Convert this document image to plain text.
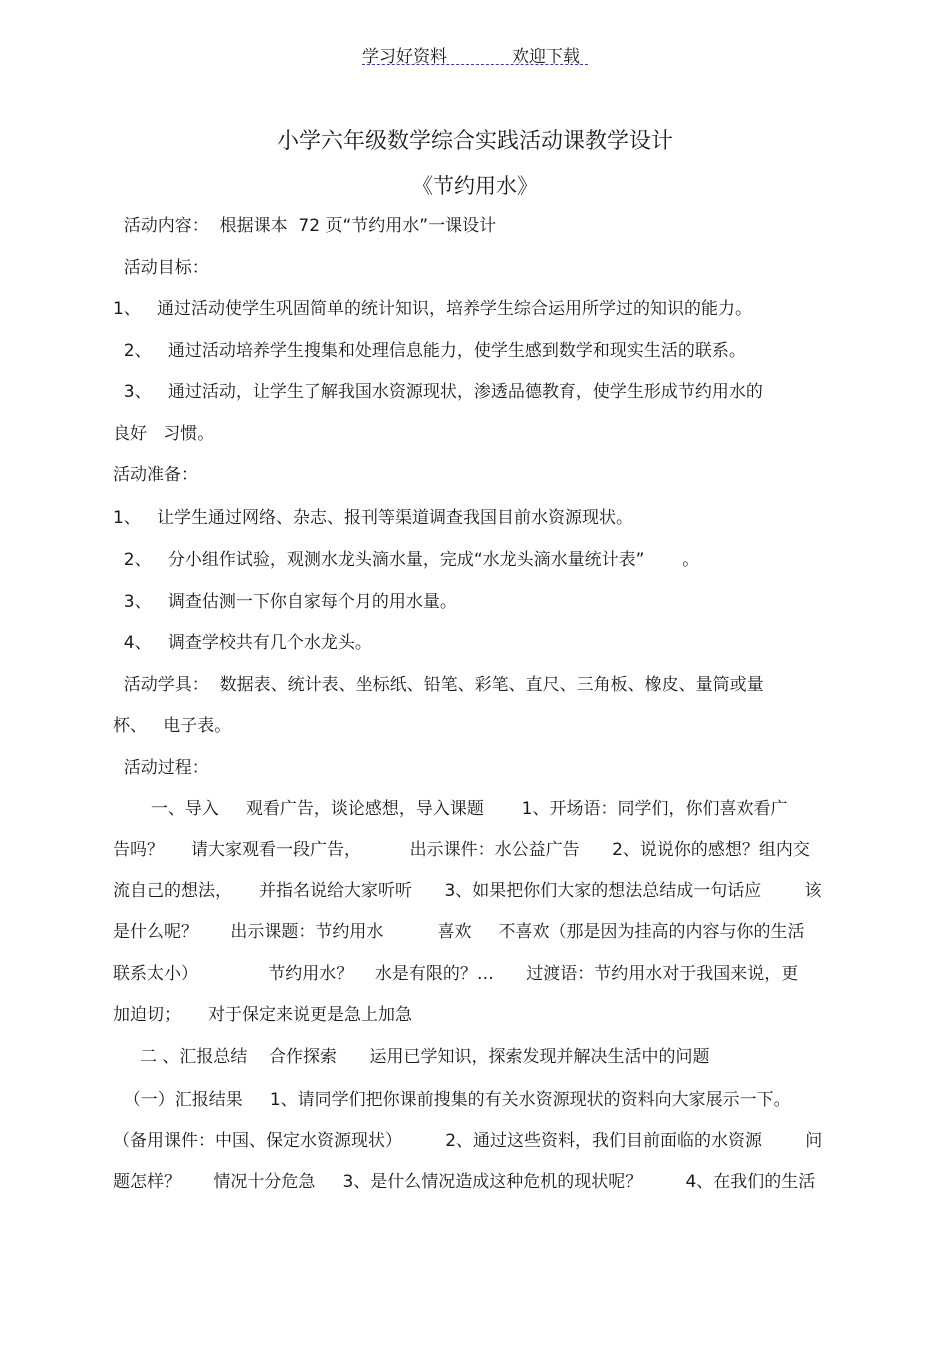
学习好资料	欢迎下载
小学六年级数学综合实践活动课教学设计
《节约用水》
活动内容：  根据课本  72 页“节约用水”一课设计
活动目标：
1、   通过活动使学生巩固简单的统计知识，培养学生综合运用所学过的知识的能力。
2、   通过活动培养学生搜集和处理信息能力，使学生感到数学和现实生活的联系。
3、   通过活动，让学生了解我国水资源现状，渗透品德教育，使学生形成节约用水的
良好   习惯。
活动准备：
1、   让学生通过网络、杂志、报刊等渠道调查我国目前水资源现状。
2、   分小组作试验，观测水龙头滴水量，完成“水龙头滴水量统计表”       。
3、   调查估测一下你自家每个月的用水量。
4、   调查学校共有几个水龙头。
活动学具：  数据表、统计表、坐标纸、铅笔、彩笔、直尺、三角板、橡皮、量筒或量
杯、   电子表。
活动过程：
一、导入     观看广告，谈论感想，导入课题       1、开场语：同学们，你们喜欢看广
告吗？     请大家观看一段广告，         出示课件：水公益广告      2、说说你的感想？组内交
流自己的想法，     并指名说给大家听听      3、如果把你们大家的想法总结成一句话应        该
是什么呢？      出示课题：节约用水          喜欢     不喜欢（那是因为挂高的内容与你的生活
联系太小）             节约用水？    水是有限的？…      过渡语：节约用水对于我国来说，更
加迫切；     对于保定来说更是急上加急
二 、汇报总结    合作探索      运用已学知识，探索发现并解决生活中的问题
（一）汇报结果     1、请同学们把你课前搜集的有关水资源现状的资料向大家展示一下。
（备用课件：中国、保定水资源现状）        2、通过这些资料，我们目前面临的水资源        问
题怎样？      情况十分危急     3、是什么情况造成这种危机的现状呢？        4、在我们的生活
